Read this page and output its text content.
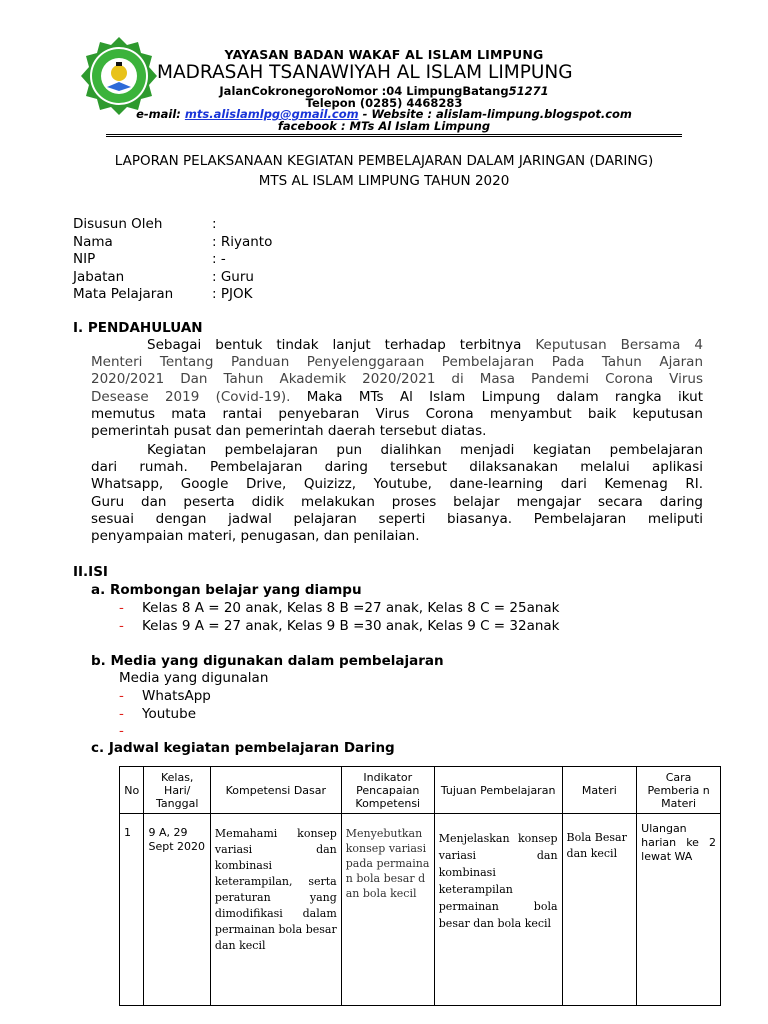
YAYASAN BADAN WAKAF AL ISLAM LIMPUNG
MADRASAH TSANAWIYAH AL ISLAM LIMPUNG
JalanCokronegoroNomor :04 LimpungBatang51271
Telepon (0285) 4468283
e-mail: mts.alislamlpg@gmail.com - Website : alislam-limpung.blogspot.com
facebook : MTs Al Islam Limpung
LAPORAN PELAKSANAAN KEGIATAN PEMBELAJARAN DALAM JARINGAN (DARING)
MTS AL ISLAM LIMPUNG TAHUN 2020
Disusun Oleh	:
Nama	: Riyanto
NIP	: -
Jabatan	: Guru
Mata Pelajaran	: PJOK
I. PENDAHULUAN
Sebagai bentuk tindak lanjut terhadap terbitnya Keputusan Bersama 4
Menteri Tentang Panduan Penyelenggaraan Pembelajaran Pada Tahun Ajaran
2020/2021 Dan Tahun Akademik 2020/2021 di Masa Pandemi Corona Virus
Desease 2019 (Covid-19). Maka MTs Al Islam Limpung dalam rangka ikut
memutus mata rantai penyebaran Virus Corona menyambut baik keputusan
pemerintah pusat dan pemerintah daerah tersebut diatas.
Kegiatan pembelajaran pun dialihkan menjadi kegiatan pembelajaran
dari rumah. Pembelajaran daring tersebut dilaksanakan melalui aplikasi
Whatsapp, Google Drive, Quizizz, Youtube, dane-learning dari Kemenag RI.
Guru dan peserta didik melakukan proses belajar mengajar secara daring
sesuai dengan jadwal pelajaran seperti biasanya. Pembelajaran meliputi
penyampaian materi, penugasan, dan penilaian.
II.ISI
a. Rombongan belajar yang diampu
- Kelas 8 A = 20 anak, Kelas 8 B =27 anak, Kelas 8 C = 25anak
- Kelas 9 A = 27 anak, Kelas 9 B =30 anak, Kelas 9 C = 32anak
b. Media yang digunakan dalam pembelajaran
Media yang digunalan
- WhatsApp
- Youtube
-
c. Jadwal kegiatan pembelajaran Daring
No	Kelas, Hari/ Tanggal	Kompetensi Dasar	Indikator Pencapaian Kompetensi	Tujuan Pembelajaran	Materi	Cara Pemberia n Materi
1	9 A, 29 Sept 2020	Memahami konsep variasi dan kombinasi keterampilan, serta peraturan yang dimodifikasi dalam permainan bola besar dan kecil	Menyebutkan konsep variasi pada permainan bola besar dan bola kecil	Menjelaskan konsep variasi dan kombinasi keterampilan permainan bola besar dan bola kecil	Bola Besar dan kecil	Ulangan harian ke 2 lewat WA
